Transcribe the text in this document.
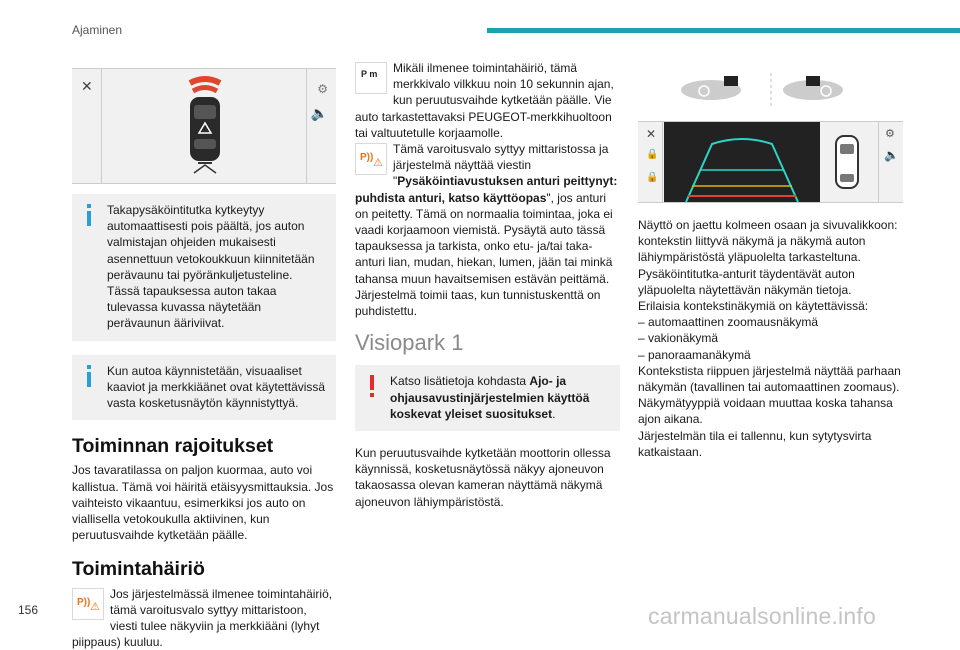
Ajaminen
✕	⚙
🔈
Takapysäköintitutka kytkeytyy automaattisesti pois päältä, jos auton valmistajan ohjeiden mukaisesti asennettuun vetokoukkuun kiinnitetään perävaunu tai pyöränkuljetusteline. Tässä tapauksessa auton takaa tulevassa kuvassa näytetään perävaunun ääriviivat.
Kun autoa käynnistetään, visuaaliset kaaviot ja merkkiäänet ovat käytettävissä vasta kosketusnäytön käynnistyttyä.
Toiminnan rajoitukset
Jos tavaratilassa on paljon kuormaa, auto voi kallistua. Tämä voi häiritä etäisyysmittauksia. Jos vaihteisto vikaantuu, esimerkiksi jos auto on viallisella vetokoukulla aktiivinen, kun peruutusvaihde kytketään päälle.
Toimintahäiriö
P)) ⚠
Jos järjestelmässä ilmenee toimintahäiriö, tämä varoitusvalo syttyy mittaristoon, viesti tulee näkyviin ja merkkiääni (lyhyt piippaus) kuuluu.
P m Mikäli ilmenee toimintahäiriö, tämä merkkivalo vilkkuu noin 10 sekunnin ajan, kun peruutusvaihde kytketään päälle. Vie auto tarkastettavaksi PEUGEOT-merkkihuoltoon tai valtuutetulle korjaamolle.
P)) ⚠
Tämä varoitusvalo syttyy mittaristossa ja järjestelmä näyttää viestin "Pysäköintiavustuksen anturi peittynyt: puhdista anturi, katso käyttöopas", jos anturi on peitetty. Tämä on normaalia toimintaa, joka ei vaadi korjaamoon viemistä. Pysäytä auto tässä tapauksessa ja tarkista, onko etu- ja/tai taka-anturi lian, mudan, hiekan, lumen, jään tai minkä tahansa muun havaitsemisen estävän peittämä. Järjestelmä toimii taas, kun tunnistuskenttä on puhdistettu.
Visiopark 1
Katso lisätietoja kohdasta Ajo- ja ohjausavustinjärjestelmien käyttöä koskevat yleiset suositukset.
Kun peruutusvaihde kytketään moottorin ollessa käynnissä, kosketusnäytössä näkyy ajoneuvon takaosassa olevan kameran näyttämä näkymä ajoneuvon lähiympäristöstä.
✕
🔒
🔒
⚙
🔈
Näyttö on jaettu kolmeen osaan ja sivuvalikkoon: kontekstin liittyvä näkymä ja näkymä auton lähiympäristöstä yläpuolelta tarkasteltuna.
Pysäköintitutka-anturit täydentävät auton yläpuolelta näytettävän näkymän tietoja.
Erilaisia kontekstinäkymiä on käytettävissä:
– automaattinen zoomausnäkymä
– vakionäkymä
– panoraamanäkymä
Kontekstista riippuen järjestelmä näyttää parhaan näkymän (tavallinen tai automaattinen zoomaus).
Näkymätyyppiä voidaan muuttaa koska tahansa ajon aikana.
Järjestelmän tila ei tallennu, kun sytytysvirta katkaistaan.
156	carmanualsonline.info
